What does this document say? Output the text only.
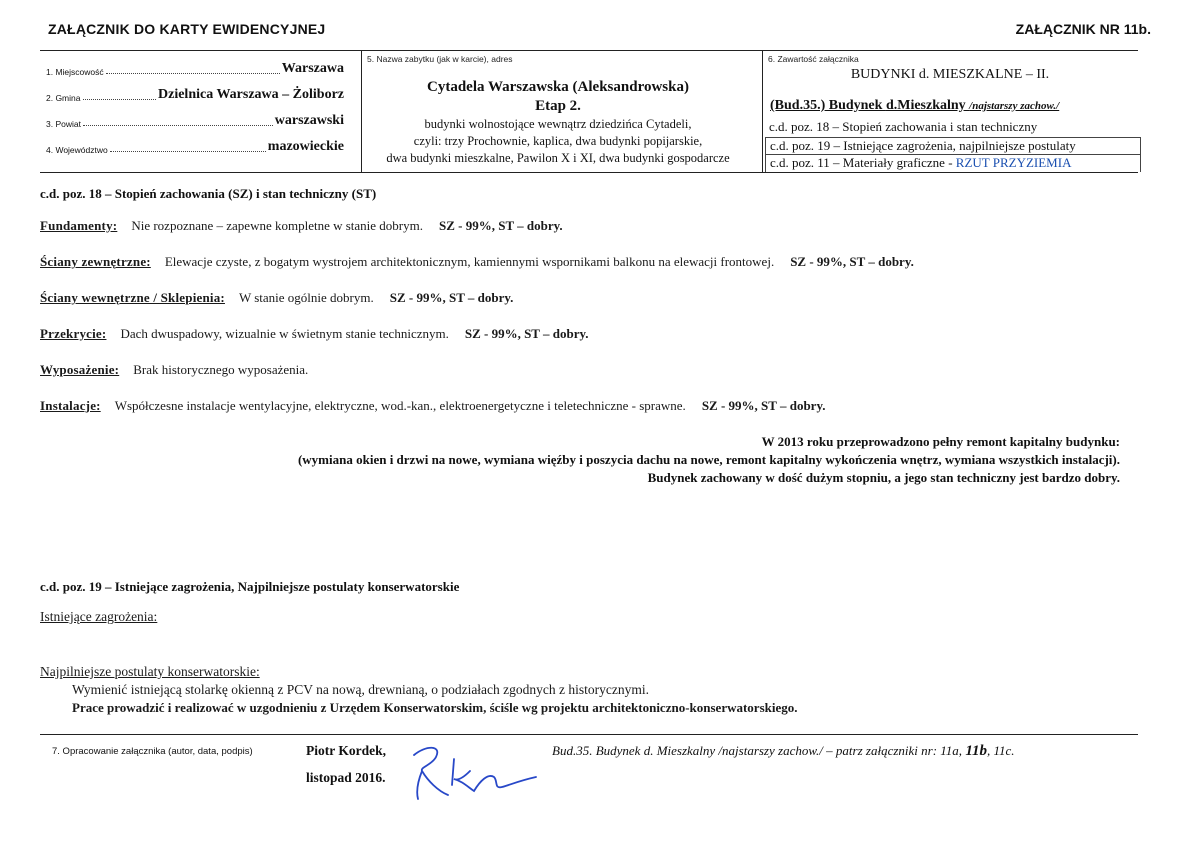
ZAŁĄCZNIK DO KARTY EWIDENCYJNEJ	ZAŁĄCZNIK NR 11b.
1. Miejscowość	Warszawa
2. Gmina	Dzielnica Warszawa – Żoliborz
3. Powiat	warszawski
4. Województwo	mazowieckie
5. Nazwa zabytku (jak w karcie), adres
Cytadela Warszawska (Aleksandrowska)
Etap 2.
budynki wolnostojące wewnątrz dziedzińca Cytadeli,
czyli: trzy Prochownie, kaplica, dwa budynki popijarskie,
dwa budynki mieszkalne, Pawilon X i XI, dwa budynki gospodarcze
6. Zawartość załącznika
BUDYNKI d. MIESZKALNE – II.
(Bud.35.) Budynek d.Mieszkalny /najstarszy zachow./
c.d. poz. 18 – Stopień zachowania i stan techniczny
c.d. poz. 19 – Istniejące zagrożenia, najpilniejsze postulaty
c.d. poz. 11 – Materiały graficzne - RZUT PRZYZIEMIA
c.d. poz. 18 – Stopień zachowania (SZ) i stan techniczny (ST)
Fundamenty: Nie rozpoznane – zapewne kompletne w stanie dobrym. SZ - 99%, ST – dobry.
Ściany zewnętrzne: Elewacje czyste, z bogatym wystrojem architektonicznym, kamiennymi wspornikami balkonu na elewacji frontowej. SZ - 99%, ST – dobry.
Ściany wewnętrzne / Sklepienia: W stanie ogólnie dobrym. SZ - 99%, ST – dobry.
Przekrycie: Dach dwuspadowy, wizualnie w świetnym stanie technicznym. SZ - 99%, ST – dobry.
Wyposażenie: Brak historycznego wyposażenia.
Instalacje: Współczesne instalacje wentylacyjne, elektryczne, wod.-kan., elektroenergetyczne i teletechniczne - sprawne. SZ - 99%, ST – dobry.
W 2013 roku przeprowadzono pełny remont kapitalny budynku:
(wymiana okien i drzwi na nowe, wymiana więźby i poszycia dachu na nowe, remont kapitalny wykończenia wnętrz, wymiana wszystkich instalacji).
Budynek zachowany w dość dużym stopniu, a jego stan techniczny jest bardzo dobry.
c.d. poz. 19 – Istniejące zagrożenia, Najpilniejsze postulaty konserwatorskie
Istniejące zagrożenia:
Najpilniejsze postulaty konserwatorskie:
Wymienić istniejącą stolarkę okienną z PCV na nową, drewnianą, o podziałach zgodnych z historycznymi.
Prace prowadzić i realizować w uzgodnieniu z Urzędem Konserwatorskim, ściśle wg projektu architektoniczno-konserwatorskiego.
7. Opracowanie załącznika (autor, data, podpis)	Piotr Kordek,
listopad 2016.
Bud.35. Budynek d. Mieszkalny /najstarszy zachow./ – patrz załączniki nr: 11a, 11b, 11c.
